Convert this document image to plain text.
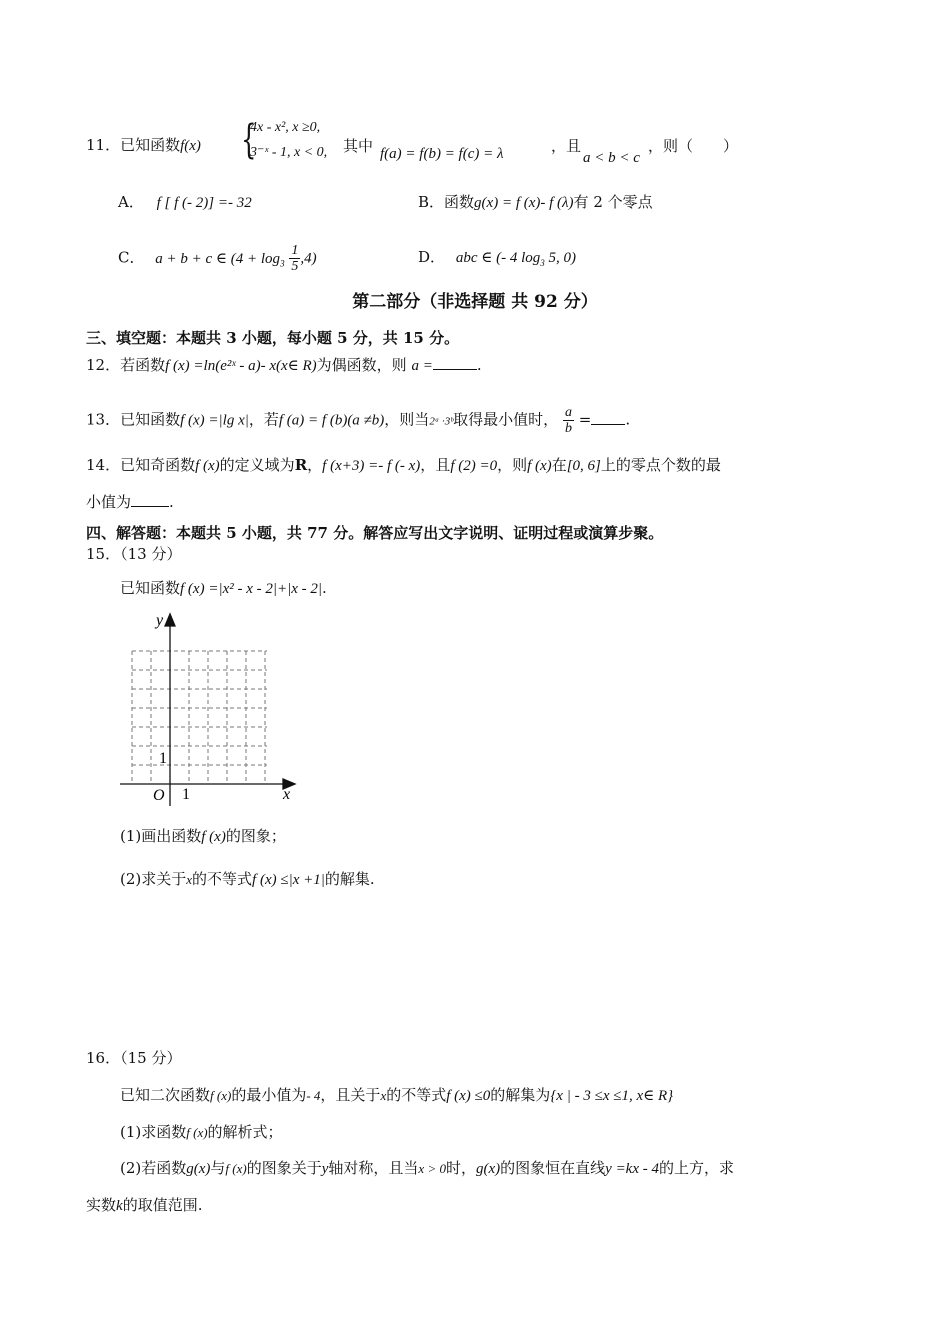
11．已知函数f(x) {
4x - x², x ≥0,
3⁻ˣ - 1, x < 0, 其中 f(a) = f(b) = f(c) = λ	，且
a < b < c
，则（　　）
A． f [ f (- 2)] =- 32	B．函数g(x) = f (x)- f (λ)有 2 个零点
C． a + b + c ∈ $(4 + \log_3 \frac{1}{5} ,4)$	D． abc ∈ (- 4 $\log_3 5$, 0)
第二部分（非选择题 共 92 分）
三、填空题：本题共 3 小题，每小题 5 分，共 15 分。
12．若函数f (x) =ln(e²ˣ - a)- x(x∈ R)为偶函数，则 a =	.
13．已知函数f (x) =|lg x|，若f (a) = f (b)(a ≠b)，则当2ᵃ ·3ᵇ取得最小值时， $\frac{a}{b}$ = .
14．已知奇函数f (x)的定义域为R，f (x+3) =- f (- x)，且f (2) =0，则f (x)在[0, 6]上的零点个数的最
小值为	.
四、解答题：本题共 5 小题，共 77 分。解答应写出文字说明、证明过程或演算步聚。
15．（13 分）
已知函数f (x) =|x² - x - 2|+|x - 2|.
y
x
O 1
1
(1)画出函数f (x)的图象；
(2)求关于x的不等式f (x) ≤|x +1|的解集.
16．（15 分）
已知二次函数f (x)的最小值为- 4，且关于x的不等式f (x) ≤0的解集为{x | - 3 ≤x ≤1, x∈ R}
(1)求函数f (x)的解析式；
(2)若函数g(x)与f (x)的图象关于y轴对称，且当x > 0时，g(x)的图象恒在直线y =kx - 4的上方，求
实数k的取值范围.
